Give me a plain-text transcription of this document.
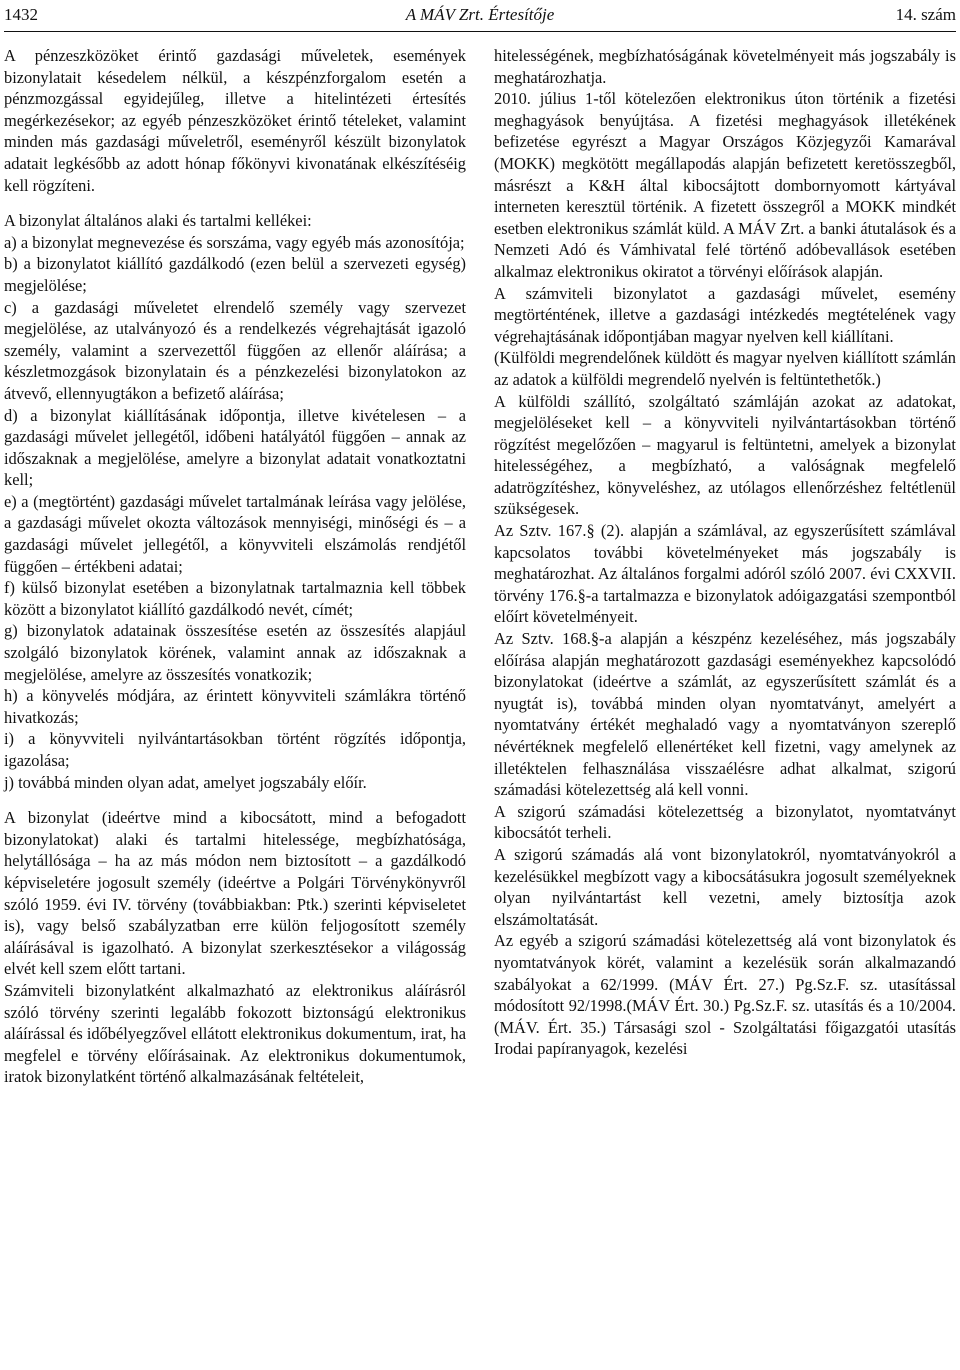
1432	A MÁV Zrt. Értesítője	14. szám

A pénzeszközöket érintő gazdasági műveletek, események bizonylatait késedelem nélkül, a készpénzforgalom esetén a pénzmozgással egyidejűleg, illetve a hitelintézeti értesítés megérkezésekor; az egyéb pénzeszközöket érintő tételeket, valamint minden más gazdasági műveletről, eseményről készült bizonylatok adatait legkésőbb az adott hónap főkönyvi kivonatának elkészítéséig kell rögzíteni.

A bizonylat általános alaki és tartalmi kellékei:

a) a bizonylat megnevezése és sorszáma, vagy egyéb más azonosítója;

b) a bizonylatot kiállító gazdálkodó (ezen belül a szervezeti egység) megjelölése;

c) a gazdasági műveletet elrendelő személy vagy szervezet megjelölése, az utalványozó és a rendelkezés végrehajtását igazoló személy, valamint a szervezettől függően az ellenőr aláírása; a készletmozgások bizonylatain és a pénzkezelési bizonylatokon az átvevő, ellennyugtákon a befizető aláírása;

d) a bizonylat kiállításának időpontja, illetve kivételesen – a gazdasági művelet jellegétől, időbeni hatályától függően – annak az időszaknak a megjelölése, amelyre a bizonylat adatait vonatkoztatni kell;

e) a (megtörtént) gazdasági művelet tartalmának leírása vagy jelölése, a gazdasági művelet okozta változások mennyiségi, minőségi és – a gazdasági művelet jellegétől, a könyvviteli elszámolás rendjétől függően – értékbeni adatai;

f) külső bizonylat esetében a bizonylatnak tartalmaznia kell többek között a bizonylatot kiállító gazdálkodó nevét, címét;

g) bizonylatok adatainak összesítése esetén az összesítés alapjául szolgáló bizonylatok körének, valamint annak az időszaknak a megjelölése, amelyre az összesítés vonatkozik;

h) a könyvelés módjára, az érintett könyvviteli számlákra történő hivatkozás;

i) a könyvviteli nyilvántartásokban történt rögzítés időpontja, igazolása;

j) továbbá minden olyan adat, amelyet jogszabály előír.

A bizonylat (ideértve mind a kibocsátott, mind a befogadott bizonylatokat) alaki és tartalmi hitelessége, megbízhatósága, helytállósága – ha az más módon nem biztosított – a gazdálkodó képviseletére jogosult személy (ideértve a Polgári Törvénykönyvről szóló 1959. évi IV. törvény (továbbiakban: Ptk.) szerinti képviseletet is), vagy belső szabályzatban erre külön feljogosított személy aláírásával is igazolható. A bizonylat szerkesztésekor a világosság elvét kell szem előtt tartani.

Számviteli bizonylatként alkalmazható az elektronikus aláírásról szóló törvény szerinti legalább fokozott biztonságú elektronikus aláírással és időbélyegzővel ellátott elektronikus dokumentum, irat, ha megfelel e törvény előírásainak. Az elektronikus dokumentumok, iratok bizonylatként történő alkalmazásának feltételeit,

hitelességének, megbízhatóságának követelményeit más jogszabály is meghatározhatja.

2010. július 1-től kötelezően elektronikus úton történik a fizetési meghagyások benyújtása. A fizetési meghagyások illetékének befizetése egyrészt a Magyar Országos Közjegyzői Kamarával (MOKK) megkötött megállapodás alapján befizetett keretösszegből, másrészt a K&H által kibocsájtott dombornyomott kártyával interneten keresztül történik. A fizetett összegről a MOKK mindkét esetben elektronikus számlát küld. A MÁV Zrt. a banki átutalások és a Nemzeti Adó és Vámhivatal felé történő adóbevallások esetében alkalmaz elektronikus okiratot a törvényi előírások alapján.

A számviteli bizonylatot a gazdasági művelet, esemény megtörténtének, illetve a gazdasági intézkedés megtételének vagy végrehajtásának időpontjában magyar nyelven kell kiállítani.

(Külföldi megrendelőnek küldött és magyar nyelven kiállított számlán az adatok a külföldi megrendelő nyelvén is feltüntethetők.)

A külföldi szállító, szolgáltató számláján azokat az adatokat, megjelöléseket kell – a könyvviteli nyilvántartásokban történő rögzítést megelőzően – magyarul is feltüntetni, amelyek a bizonylat hitelességéhez, a megbízható, a valóságnak megfelelő adatrögzítéshez, könyveléshez, az utólagos ellenőrzéshez feltétlenül szükségesek.

Az Sztv. 167.§ (2). alapján a számlával, az egyszerűsített számlával kapcsolatos további követelményeket más jogszabály is meghatározhat. Az általános forgalmi adóról szóló 2007. évi CXXVII. törvény 176.§-a tartalmazza e bizonylatok adóigazgatási szempontból előírt követelményeit.

Az Sztv. 168.§-a alapján a készpénz kezeléséhez, más jogszabály előírása alapján meghatározott gazdasági eseményekhez kapcsolódó bizonylatokat (ideértve a számlát, az egyszerűsített számlát és a nyugtát is), továbbá minden olyan nyomtatványt, amelyért a nyomtatvány értékét meghaladó vagy a nyomtatványon szereplő névértéknek megfelelő ellenértéket kell fizetni, vagy amelynek az illetéktelen felhasználása visszaélésre adhat alkalmat, szigorú számadási kötelezettség alá kell vonni.

A szigorú számadási kötelezettség a bizonylatot, nyomtatványt kibocsátót terheli.

A szigorú számadás alá vont bizonylatokról, nyomtatványokról a kezelésükkel megbízott vagy a kibocsátásukra jogosult személyeknek olyan nyilvántartást kell vezetni, amely biztosítja azok elszámoltatását.

Az egyéb a szigorú számadási kötelezettség alá vont bizonylatok és nyomtatványok körét, valamint a kezelésük során alkalmazandó szabályokat a 62/1999. (MÁV Ért. 27.) Pg.Sz.F. sz. utasítással módosított 92/1998.(MÁV Ért. 30.) Pg.Sz.F. sz. utasítás és a 10/2004. (MÁV. Ért. 35.) Társasági szol - Szolgáltatási főigazgatói utasítás Irodai papíranyagok, kezelési
